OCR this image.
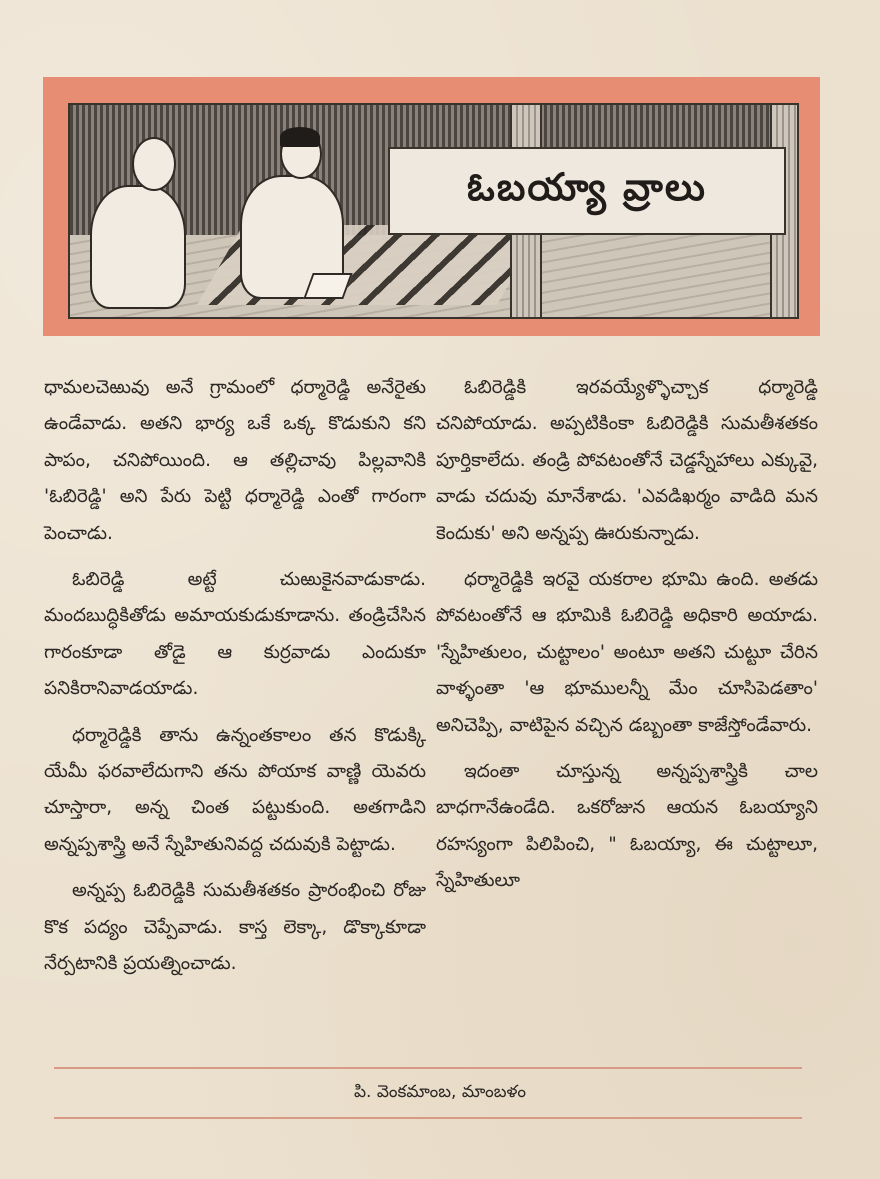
ఓబయ్యా వ్రాలు

ధామలచెఱువు అనే గ్రామంలో ధర్మారెడ్డి అనేరైతు ఉండేవాడు. అతని భార్య ఒకే ఒక్క కొడుకుని కని పాపం, చనిపోయింది. ఆ తల్లిచావు పిల్లవానికి 'ఓబిరెడ్డి' అని పేరు పెట్టి ధర్మారెడ్డి ఎంతో గారంగా పెంచాడు.

ఓబిరెడ్డి అట్టే చుఱుకైనవాడుకాడు. మందబుద్ధికితోడు అమాయకుడుకూడాను. తండ్రిచేసిన గారంకూడా తోడై ఆ కుర్రవాడు ఎందుకూ పనికిరానివాడయాడు.

ధర్మారెడ్డికి తాను ఉన్నంతకాలం తన కొడుక్కి యేమీ ఫరవాలేదుగాని తను పోయాక వాణ్ణి యెవరు చూస్తారా, అన్న చింత పట్టుకుంది. అతగాడిని అన్నప్పశాస్త్రి అనే స్నేహితునివద్ద చదువుకి పెట్టాడు.

అన్నప్ప ఓబిరెడ్డికి సుమతీశతకం ప్రారంభించి రోజు కొక పద్యం చెప్పేవాడు. కాస్త లెక్కా, డొక్కాకూడా నేర్పటానికి ప్రయత్నించాడు.

ఓబిరెడ్డికి ఇరవయ్యేళ్ళొచ్చాక ధర్మారెడ్డి చనిపోయాడు. అప్పటికింకా ఓబిరెడ్డికి సుమతీశతకం పూర్తికాలేదు. తండ్రి పోవటంతోనే చెడ్డస్నేహాలు ఎక్కువై, వాడు చదువు మానేశాడు. 'ఎవడిఖర్మం వాడిది మన కెందుకు' అని అన్నప్ప ఊరుకున్నాడు.

ధర్మారెడ్డికి ఇరవై యకరాల భూమి ఉంది. అతడు పోవటంతోనే ఆ భూమికి ఓబిరెడ్డి అధికారి అయాడు. 'స్నేహితులం, చుట్టాలం' అంటూ అతని చుట్టూ చేరిన వాళ్ళంతా 'ఆ భూములన్నీ మేం చూసిపెడతాం' అనిచెప్పి, వాటిపైన వచ్చిన డబ్బంతా కాజేస్తోండేవారు.

ఇదంతా చూస్తున్న అన్నప్పశాస్త్రికి చాల బాధగానేఉండేది. ఒకరోజున ఆయన ఓబయ్యాని రహస్యంగా పిలిపించి, " ఓబయ్యా, ఈ చుట్టాలూ, స్నేహితులూ

పి. వెంకమాంబ, మాంబళం
